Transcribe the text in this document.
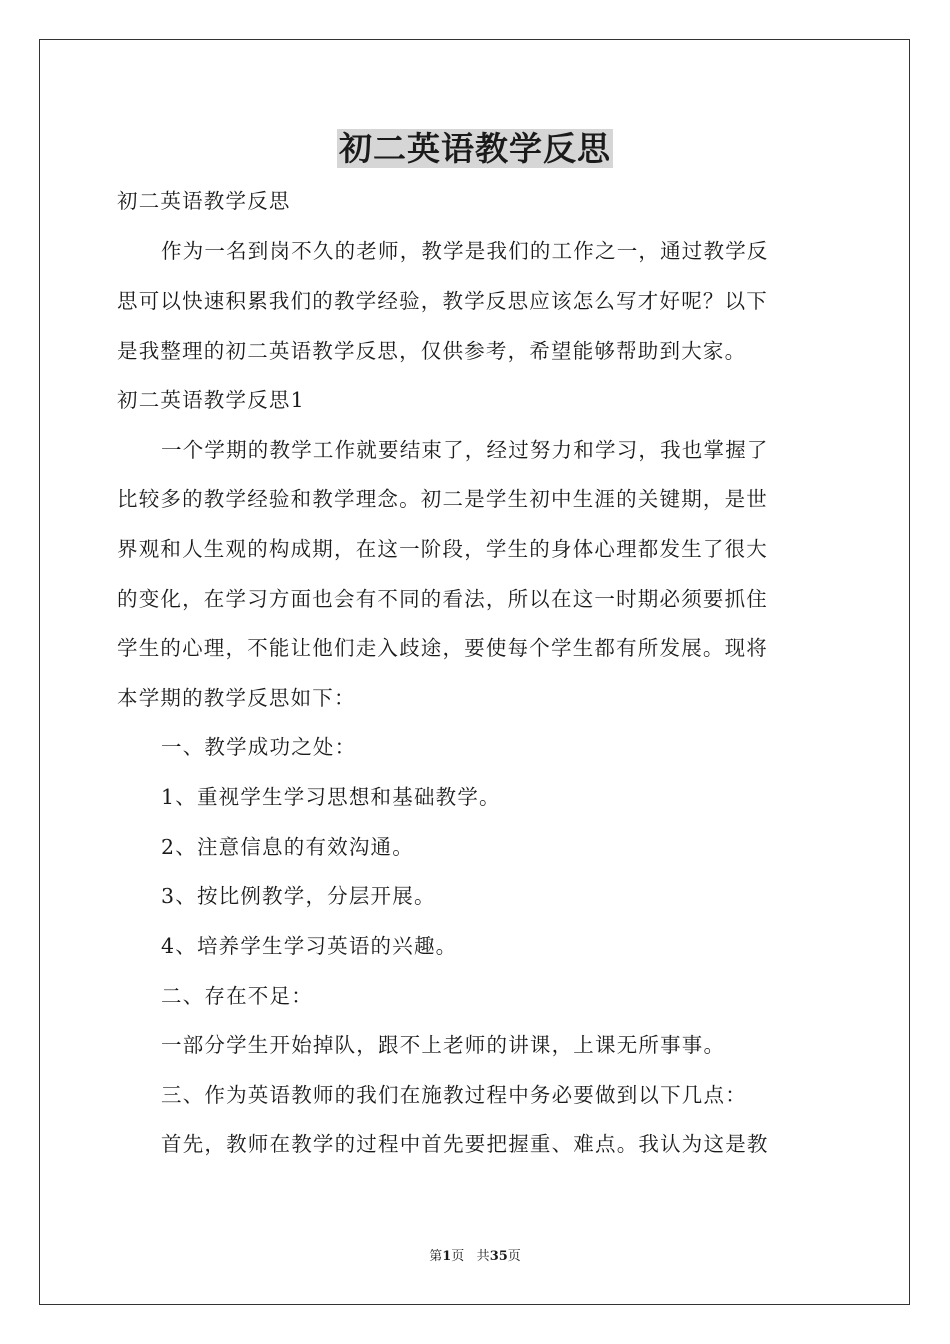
初二英语教学反思
初二英语教学反思
作为一名到岗不久的老师，教学是我们的工作之一，通过教学反
思可以快速积累我们的教学经验，教学反思应该怎么写才好呢？以下
是我整理的初二英语教学反思，仅供参考，希望能够帮助到大家。
初二英语教学反思1
一个学期的教学工作就要结束了，经过努力和学习，我也掌握了
比较多的教学经验和教学理念。初二是学生初中生涯的关键期，是世
界观和人生观的构成期，在这一阶段，学生的身体心理都发生了很大
的变化，在学习方面也会有不同的看法，所以在这一时期必须要抓住
学生的心理，不能让他们走入歧途，要使每个学生都有所发展。现将
本学期的教学反思如下：
一、教学成功之处：
1、重视学生学习思想和基础教学。
2、注意信息的有效沟通。
3、按比例教学，分层开展。
4、培养学生学习英语的兴趣。
二、存在不足：
一部分学生开始掉队，跟不上老师的讲课，上课无所事事。
三、作为英语教师的我们在施教过程中务必要做到以下几点：
首先，教师在教学的过程中首先要把握重、难点。我认为这是教
第1页 共35页
